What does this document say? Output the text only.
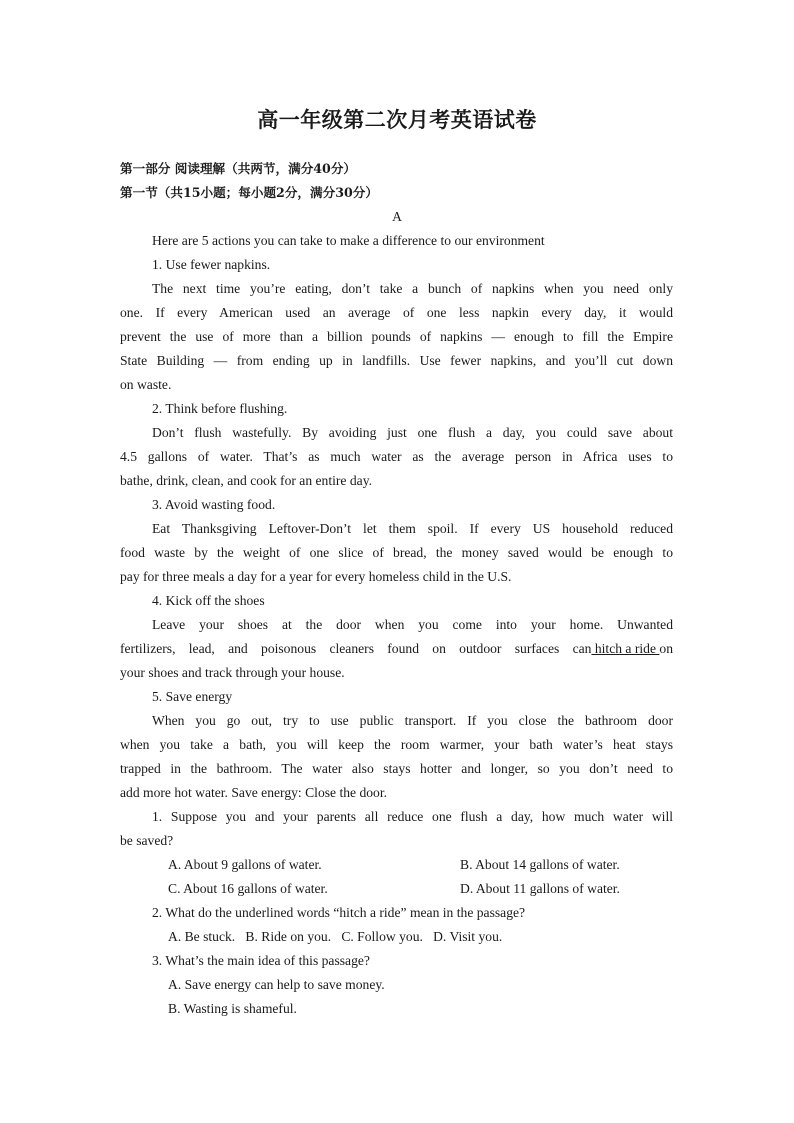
高一年级第二次月考英语试卷
第一部分 阅读理解（共两节，满分40分）
第一节（共15小题；每小题2分，满分30分）
A
Here are 5 actions you can take to make a difference to our environment
1. Use fewer napkins.
The next time you’re eating, don’t take a bunch of napkins when you need only
one. If every American used an average of one less napkin every day, it would
prevent the use of more than a billion pounds of napkins — enough to fill the Empire
State Building — from ending up in landfills. Use fewer napkins, and you’ll cut down
on waste.
2. Think before flushing.
Don’t flush wastefully. By avoiding just one flush a day, you could save about
4.5 gallons of water. That’s as much water as the average person in Africa uses to
bathe, drink, clean, and cook for an entire day.
3. Avoid wasting food.
Eat Thanksgiving Leftover-Don’t let them spoil. If every US household reduced
food waste by the weight of one slice of bread, the money saved would be enough to
pay for three meals a day for a year for every homeless child in the U.S.
4. Kick off the shoes
Leave your shoes at the door when you come into your home. Unwanted
fertilizers, lead, and poisonous cleaners found on outdoor surfaces can hitch a ride on
your shoes and track through your house.
5. Save energy
When you go out, try to use public transport. If you close the bathroom door
when you take a bath, you will keep the room warmer, your bath water’s heat stays
trapped in the bathroom. The water also stays hotter and longer, so you don’t need to
add more hot water. Save energy: Close the door.
1. Suppose you and your parents all reduce one flush a day, how much water will
be saved?
A. About 9 gallons of water.	B. About 14 gallons of water.
C. About 16 gallons of water.	D. About 11 gallons of water.
2. What do the underlined words “hitch a ride” mean in the passage?
A. Be stuck.   B. Ride on you.   C. Follow you.   D. Visit you.
3. What’s the main idea of this passage?
A. Save energy can help to save money.
B. Wasting is shameful.
